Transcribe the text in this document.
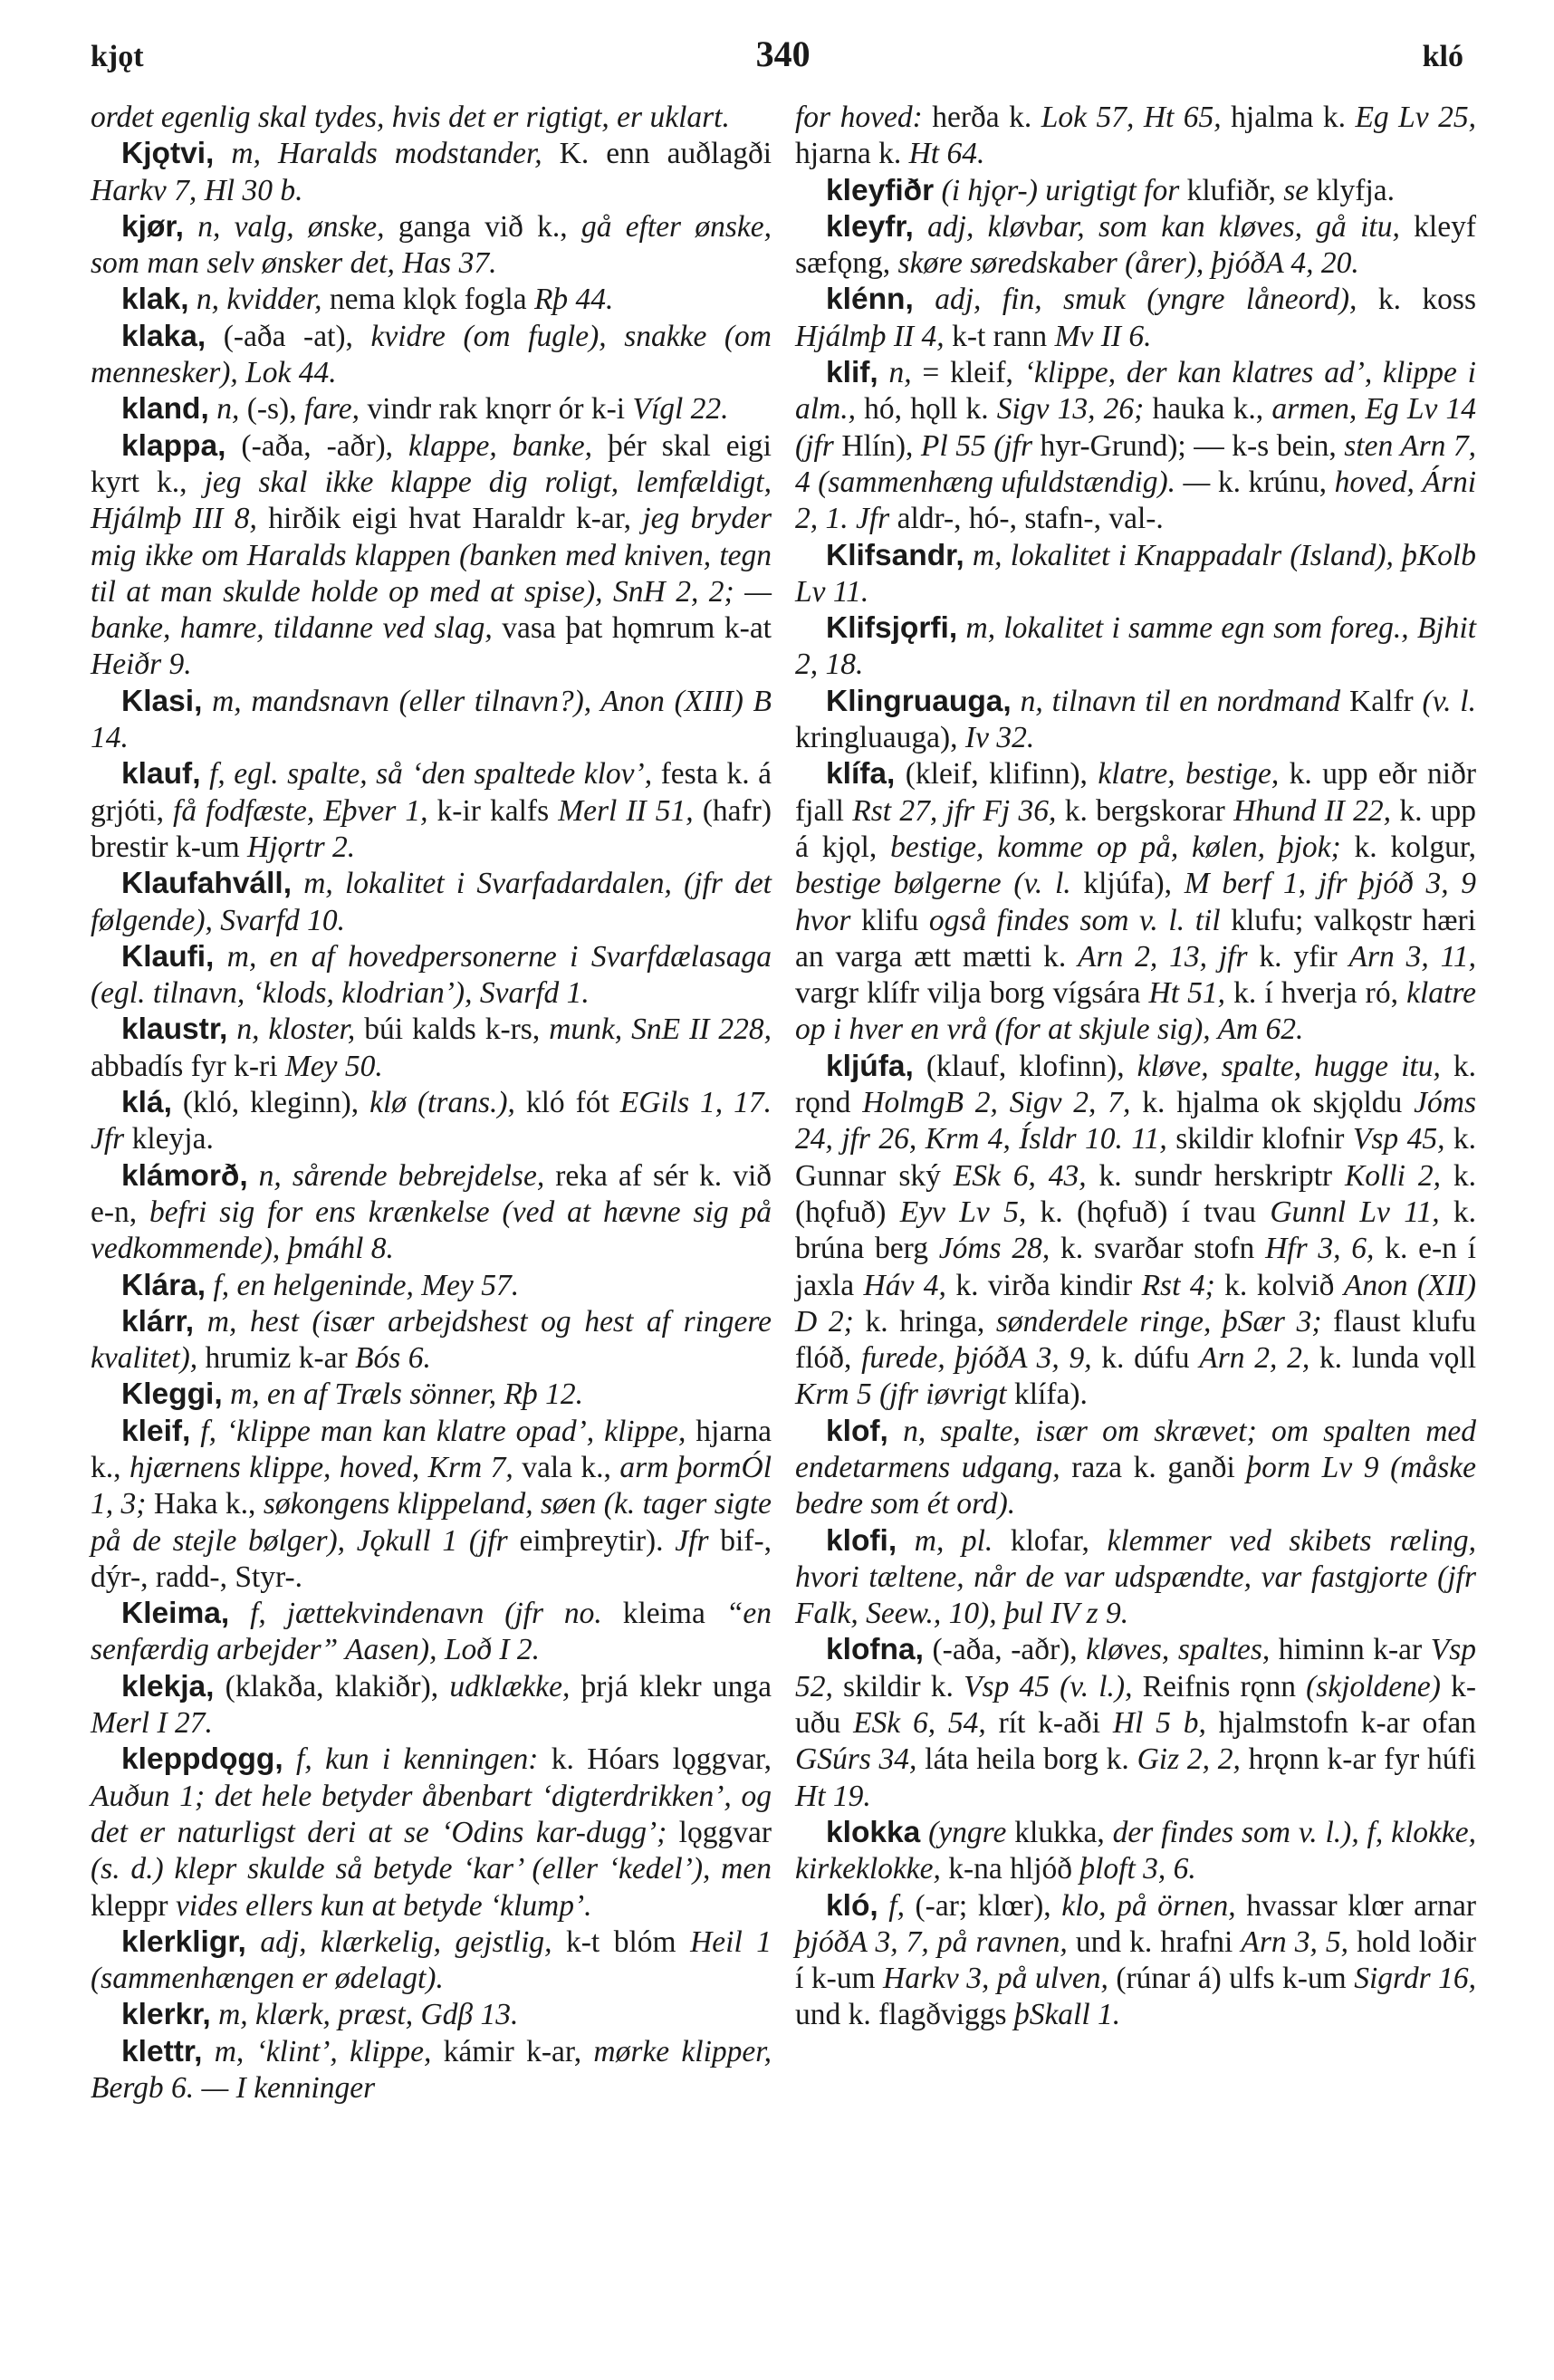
kjǫt	340	kló

ordet egenlig skal tydes, hvis det er rigtigt, er uklart.

Kjǫtvi, m, Haralds modstander, K. enn auðlagði Harkv 7, Hl 30 b.

kjør, n, valg, ønske, ganga við k., gå efter ønske, som man selv ønsker det, Has 37.

klak, n, kvidder, nema klǫk fogla Rþ 44.

klaka, (-aða -at), kvidre (om fugle), snakke (om mennesker), Lok 44.

kland, n, (-s), fare, vindr rak knǫrr ór k-i Vígl 22.

klappa, (-aða, -aðr), klappe, banke, þér skal eigi kyrt k., jeg skal ikke klappe dig roligt, lemfældigt, Hjálmþ III 8, hirðik eigi hvat Haraldr k-ar, jeg bryder mig ikke om Haralds klappen (banken med kniven, tegn til at man skulde holde op med at spise), SnH 2, 2; — banke, hamre, tildanne ved slag, vasa þat hǫmrum k-at Heiðr 9.

Klasi, m, mandsnavn (eller tilnavn?), Anon (XIII) B 14.

klauf, f, egl. spalte, så ‘den spaltede klov’, festa k. á grjóti, få fodfæste, Eþver 1, k-ir kalfs Merl II 51, (hafr) brestir k-um Hjǫrtr 2.

Klaufahváll, m, lokalitet i Svarfadardalen, (jfr det følgende), Svarfd 10.

Klaufi, m, en af hovedpersonerne i Svarfdælasaga (egl. tilnavn, ‘klods, klodrian’), Svarfd 1.

klaustr, n, kloster, búi kalds k-rs, munk, SnE II 228, abbadís fyr k-ri Mey 50.

klá, (kló, kleginn), klø (trans.), kló fót EGils 1, 17. Jfr kleyja.

klámorð, n, sårende bebrejdelse, reka af sér k. við e-n, befri sig for ens krænkelse (ved at hævne sig på vedkommende), þmáhl 8.

Klára, f, en helgeninde, Mey 57.

klárr, m, hest (især arbejdshest og hest af ringere kvalitet), hrumiz k-ar Bós 6.

Kleggi, m, en af Træls sönner, Rþ 12.

kleif, f, ‘klippe man kan klatre opad’, klippe, hjarna k., hjærnens klippe, hoved, Krm 7, vala k., arm þormÓl 1, 3; Haka k., søkongens klippeland, søen (k. tager sigte på de stejle bølger), Jǫkull 1 (jfr eimþreytir). Jfr bif-, dýr-, radd-, Styr-.

Kleima, f, jættekvindenavn (jfr no. kleima “en senfærdig arbejder” Aasen), Loð I 2.

klekja, (klakða, klakiðr), udklække, þrjá klekr unga Merl I 27.

kleppdǫgg, f, kun i kenningen: k. Hóars lǫggvar, Auðun 1; det hele betyder åbenbart ‘digterdrikken’, og det er naturligst deri at se ‘Odins kar-dugg’; lǫggvar (s. d.) klepr skulde så betyde ‘kar’ (eller ‘kedel’), men kleppr vides ellers kun at betyde ‘klump’.

klerkligr, adj, klærkelig, gejstlig, k-t blóm Heil 1 (sammenhængen er ødelagt).

klerkr, m, klærk, præst, Gdβ 13.

klettr, m, ‘klint’, klippe, kámir k-ar, mørke klipper, Bergb 6. — I kenninger

for hoved: herða k. Lok 57, Ht 65, hjalma k. Eg Lv 25, hjarna k. Ht 64.

kleyfiðr (i hjǫr-) urigtigt for klufiðr, se klyfja.

kleyfr, adj, kløvbar, som kan kløves, gå itu, kleyf sæfǫng, skøre søredskaber (årer), þjóðA 4, 20.

klénn, adj, fin, smuk (yngre låneord), k. koss Hjálmþ II 4, k-t rann Mv II 6.

klif, n, = kleif, ‘klippe, der kan klatres ad’, klippe i alm., hó, hǫll k. Sigv 13, 26; hauka k., armen, Eg Lv 14 (jfr Hlín), Pl 55 (jfr hyr-Grund); — k-s bein, sten Arn 7, 4 (sammenhæng ufuldstændig). — k. krúnu, hoved, Árni 2, 1. Jfr aldr-, hó-, stafn-, val-.

Klifsandr, m, lokalitet i Knappadalr (Island), þKolb Lv 11.

Klifsjǫrfi, m, lokalitet i samme egn som foreg., Bjhit 2, 18.

Klingruauga, n, tilnavn til en nordmand Kalfr (v. l. kringluauga), Iv 32.

klífa, (kleif, klifinn), klatre, bestige, k. upp eðr niðr fjall Rst 27, jfr Fj 36, k. bergskorar Hhund II 22, k. upp á kjǫl, bestige, komme op på, kølen, þjok; k. kolgur, bestige bølgerne (v. l. kljúfa), M berf 1, jfr þjóð 3, 9 hvor klifu også findes som v. l. til klufu; valkǫstr hæri an varga ætt mætti k. Arn 2, 13, jfr k. yfir Arn 3, 11, vargr klífr vilja borg vígsára Ht 51, k. í hverja ró, klatre op i hver en vrå (for at skjule sig), Am 62.

kljúfa, (klauf, klofinn), kløve, spalte, hugge itu, k. rǫnd HolmgB 2, Sigv 2, 7, k. hjalma ok skjǫldu Jóms 24, jfr 26, Krm 4, Ísldr 10. 11, skildir klofnir Vsp 45, k. Gunnar ský ESk 6, 43, k. sundr herskriptr Kolli 2, k. (hǫfuð) Eyv Lv 5, k. (hǫfuð) í tvau Gunnl Lv 11, k. brúna berg Jóms 28, k. svarðar stofn Hfr 3, 6, k. e-n í jaxla Háv 4, k. virða kindir Rst 4; k. kolvið Anon (XII) D 2; k. hringa, sønderdele ringe, þSær 3; flaust klufu flóð, furede, þjóðA 3, 9, k. dúfu Arn 2, 2, k. lunda vǫll Krm 5 (jfr iøvrigt klífa).

klof, n, spalte, især om skrævet; om spalten med endetarmens udgang, raza k. ganði þorm Lv 9 (måske bedre som ét ord).

klofi, m, pl. klofar, klemmer ved skibets ræling, hvori tæltene, når de var udspændte, var fastgjorte (jfr Falk, Seew., 10), þul IV z 9.

klofna, (-aða, -aðr), kløves, spaltes, himinn k-ar Vsp 52, skildir k. Vsp 45 (v. l.), Reifnis rǫnn (skjoldene) k-uðu ESk 6, 54, rít k-aði Hl 5 b, hjalmstofn k-ar ofan GSúrs 34, láta heila borg k. Giz 2, 2, hrǫnn k-ar fyr húfi Ht 19.

klokka (yngre klukka, der findes som v. l.), f, klokke, kirkeklokke, k-na hljóð þloft 3, 6.

kló, f, (-ar; klœr), klo, på örnen, hvassar klœr arnar þjóðA 3, 7, på ravnen, und k. hrafni Arn 3, 5, hold loðir í k-um Harkv 3, på ulven, (rúnar á) ulfs k-um Sigrdr 16, und k. flagðviggs þSkall 1.
